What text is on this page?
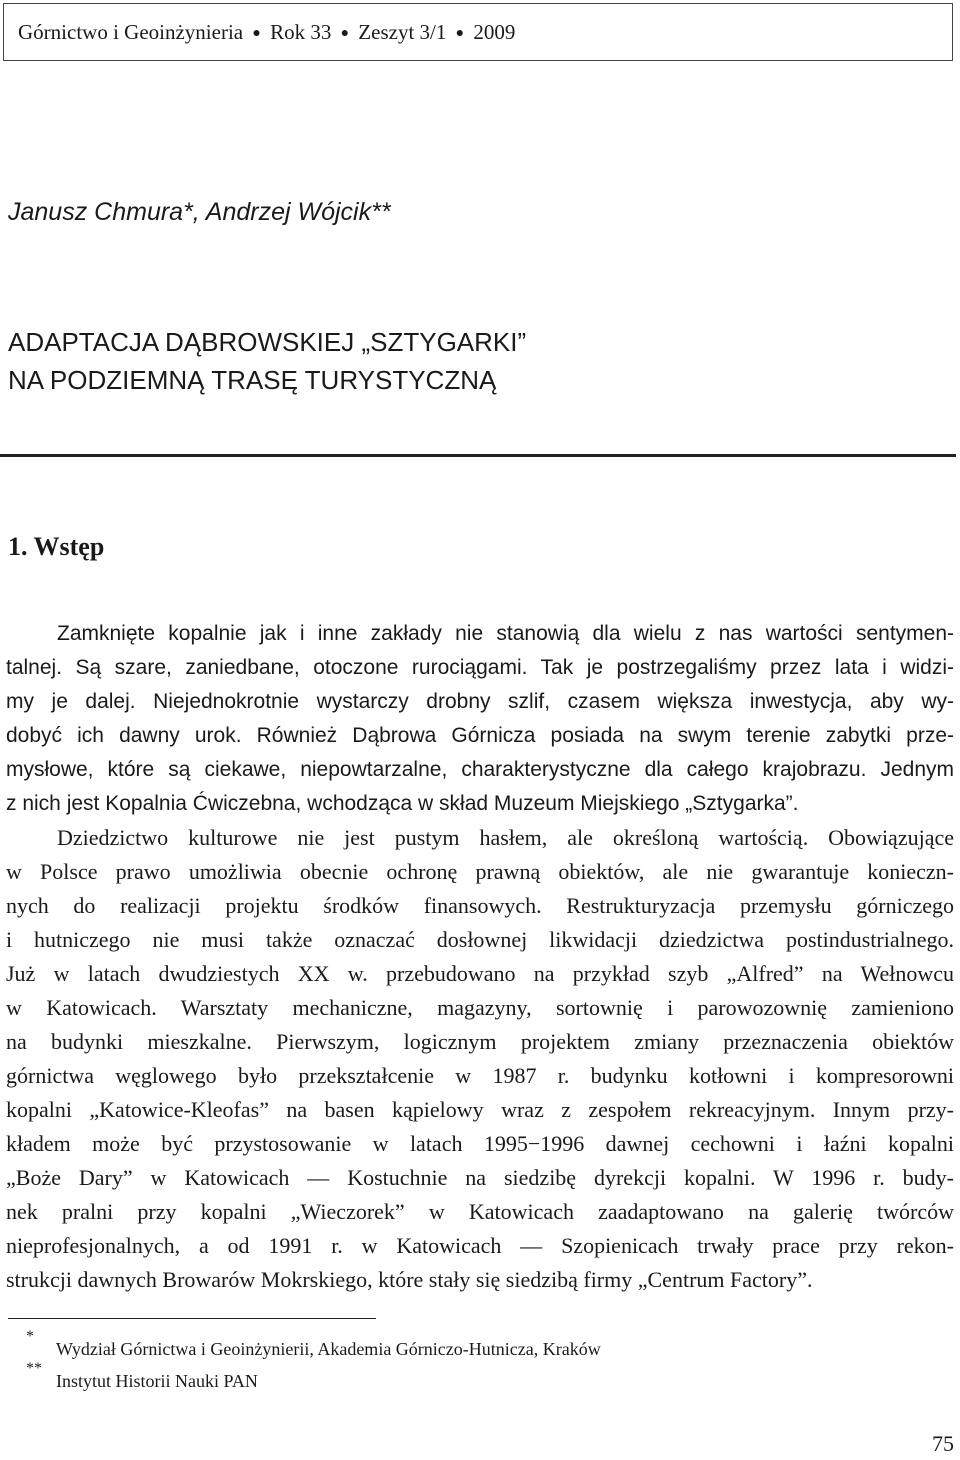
Górnictwo i Geoinżynieria ● Rok 33 ● Zeszyt 3/1 ● 2009
Janusz Chmura*, Andrzej Wójcik**
ADAPTACJA DĄBROWSKIEJ „SZTYGARKI”
NA PODZIEMNĄ TRASĘ TURYSTYCZNĄ
1. Wstęp
Zamknięte kopalnie jak i inne zakłady nie stanowią dla wielu z nas wartości sentymen-
talnej. Są szare, zaniedbane, otoczone rurociągami. Tak je postrzegaliśmy przez lata i widzi-
my je dalej. Niejednokrotnie wystarczy drobny szlif, czasem większa inwestycja, aby wy-
dobyć ich dawny urok. Również Dąbrowa Górnicza posiada na swym terenie zabytki prze-
mysłowe, które są ciekawe, niepowtarzalne, charakterystyczne dla całego krajobrazu. Jednym
z nich jest Kopalnia Ćwiczebna, wchodząca w skład Muzeum Miejskiego „Sztygarka”.
Dziedzictwo kulturowe nie jest pustym hasłem, ale określoną wartością. Obowiązujące
w Polsce prawo umożliwia obecnie ochronę prawną obiektów, ale nie gwarantuje konieczn-
nych do realizacji projektu środków finansowych. Restrukturyzacja przemysłu górniczego
i hutniczego nie musi także oznaczać dosłownej likwidacji dziedzictwa postindustrialnego.
Już w latach dwudziestych XX w. przebudowano na przykład szyb „Alfred” na Wełnowcu
w Katowicach. Warsztaty mechaniczne, magazyny, sortownię i parowozownię zamieniono
na budynki mieszkalne. Pierwszym, logicznym projektem zmiany przeznaczenia obiektów
górnictwa węglowego było przekształcenie w 1987 r. budynku kotłowni i kompresorowni
kopalni „Katowice-Kleofas” na basen kąpielowy wraz z zespołem rekreacyjnym. Innym przy-
kładem może być przystosowanie w latach 1995−1996 dawnej cechowni i łaźni kopalni
„Boże Dary” w Katowicach — Kostuchnie na siedzibę dyrekcji kopalni. W 1996 r. budy-
nek pralni przy kopalni „Wieczorek” w Katowicach zaadaptowano na galerię twórców
nieprofesjonalnych, a od 1991 r. w Katowicach — Szopienicach trwały prace przy rekon-
strukcji dawnych Browarów Mokrskiego, które stały się siedzibą firmy „Centrum Factory”.
*
Wydział Górnictwa i Geoinżynierii, Akademia Górniczo-Hutnicza, Kraków
**
Instytut Historii Nauki PAN
75
